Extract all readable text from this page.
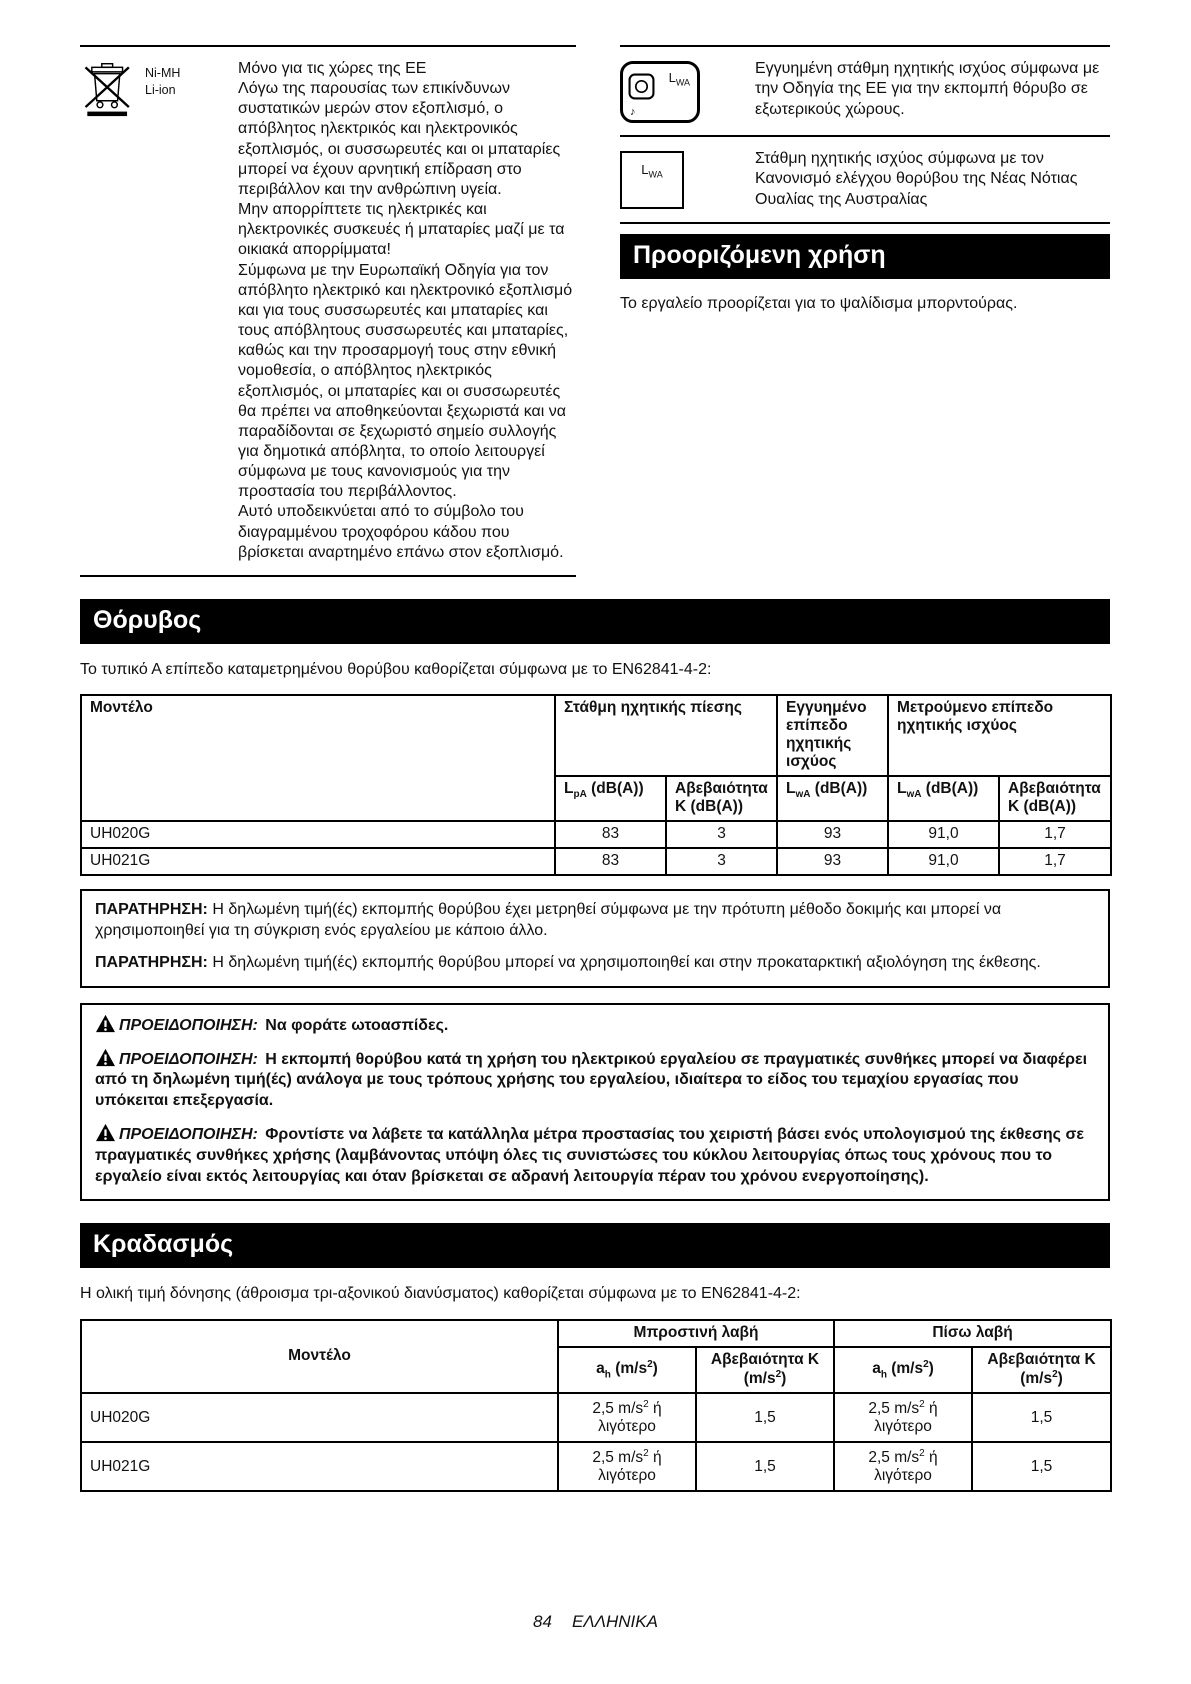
Ni-MH
Li-ion

Μόνο για τις χώρες της ΕΕ

Λόγω της παρουσίας των επικίνδυνων συστατικών μερών στον εξοπλισμό, ο απόβλητος ηλεκτρικός και ηλεκτρονικός εξοπλισμός, οι συσσωρευτές και οι μπαταρίες μπορεί να έχουν αρνητική επίδραση στο περιβάλλον και την ανθρώπινη υγεία.

Μην απορρίπτετε τις ηλεκτρικές και ηλεκτρονικές συσκευές ή μπαταρίες μαζί με τα οικιακά απορρίμματα!

Σύμφωνα με την Ευρωπαϊκή Οδηγία για τον απόβλητο ηλεκτρικό και ηλεκτρονικό εξοπλισμό και για τους συσσωρευτές και μπαταρίες και τους απόβλητους συσσωρευτές και μπαταρίες, καθώς και την προσαρμογή τους στην εθνική νομοθεσία, ο απόβλητος ηλεκτρικός εξοπλισμός, οι μπαταρίες και οι συσσωρευτές θα πρέπει να αποθηκεύονται ξεχωριστά και να παραδίδονται σε ξεχωριστό σημείο συλλογής για δημοτικά απόβλητα, το οποίο λειτουργεί σύμφωνα με τους κανονισμούς για την προστασία του περιβάλλοντος.

Αυτό υποδεικνύεται από το σύμβολο του διαγραμμένου τροχοφόρου κάδου που βρίσκεται αναρτημένο επάνω στον εξοπλισμό.

$L_{WA}$
♪
Εγγυημένη στάθμη ηχητικής ισχύος σύμφωνα με την Οδηγία της ΕΕ για την εκπομπή θόρυβο σε εξωτερικούς χώρους.
$L_{WA}$
Στάθμη ηχητικής ισχύος σύμφωνα με τον Κανονισμό ελέγχου θορύβου της Νέας Νότιας Ουαλίας της Αυστραλίας
Προοριζόμενη χρήση

Το εργαλείο προορίζεται για το ψαλίδισμα μπορντούρας.

Θόρυβος

Το τυπικό Α επίπεδο καταμετρημένου θορύβου καθορίζεται σύμφωνα με το EN62841-4-2:

Μοντέλο	Στάθμη ηχητικής πίεσης		Εγγυημένο επίπεδο ηχητικής ισχύος	Μετρούμενο επίπεδο ηχητικής ισχύος	
	$L_{pA}$ (dB(A))	Αβεβαιότητα K (dB(A))	$L_{wA}$ (dB(A))	$L_{wA}$ (dB(A))	Αβεβαιότητα K (dB(A))
UH020G	83	3	93	91,0	1,7
UH021G	83	3	93	91,0	1,7

ΠΑΡΑΤΗΡΗΣΗ: Η δηλωμένη τιμή(ές) εκπομπής θορύβου έχει μετρηθεί σύμφωνα με την πρότυπη μέθοδο δοκιμής και μπορεί να χρησιμοποιηθεί για τη σύγκριση ενός εργαλείου με κάποιο άλλο.

ΠΑΡΑΤΗΡΗΣΗ: Η δηλωμένη τιμή(ές) εκπομπής θορύβου μπορεί να χρησιμοποιηθεί και στην προκαταρκτική αξιολόγηση της έκθεσης.

ΠΡΟΕΙΔΟΠΟΙΗΣΗ: Να φοράτε ωτοασπίδες.

ΠΡΟΕΙΔΟΠΟΙΗΣΗ: Η εκπομπή θορύβου κατά τη χρήση του ηλεκτρικού εργαλείου σε πραγματικές συνθήκες μπορεί να διαφέρει από τη δηλωμένη τιμή(ές) ανάλογα με τους τρόπους χρήσης του εργαλείου, ιδιαίτερα το είδος του τεμαχίου εργασίας που υπόκειται επεξεργασία.

ΠΡΟΕΙΔΟΠΟΙΗΣΗ: Φροντίστε να λάβετε τα κατάλληλα μέτρα προστασίας του χειριστή βάσει ενός υπολογισμού της έκθεσης σε πραγματικές συνθήκες χρήσης (λαμβάνοντας υπόψη όλες τις συνιστώσες του κύκλου λειτουργίας όπως τους χρόνους που το εργαλείο είναι εκτός λειτουργίας και όταν βρίσκεται σε αδρανή λειτουργία πέραν του χρόνου ενεργοποίησης).

Κραδασμός

Η ολική τιμή δόνησης (άθροισμα τρι-αξονικού διανύσματος) καθορίζεται σύμφωνα με το EN62841-4-2:

Μοντέλο	Μπροστινή λαβή		Πίσω λαβή	
	$a_h$ $(m/s^2)$	Αβεβαιότητα K $(m/s^2)$	$a_h$ $(m/s^2)$	Αβεβαιότητα K $(m/s^2)$
UH020G	2,5 $m/s^2$ ή λιγότερο	1,5	2,5 $m/s^2$ ή λιγότερο	1,5
UH021G	2,5 $m/s^2$ ή λιγότερο	1,5	2,5 $m/s^2$ ή λιγότερο	1,5
84 ΕΛΛΗΝΙΚΑ
